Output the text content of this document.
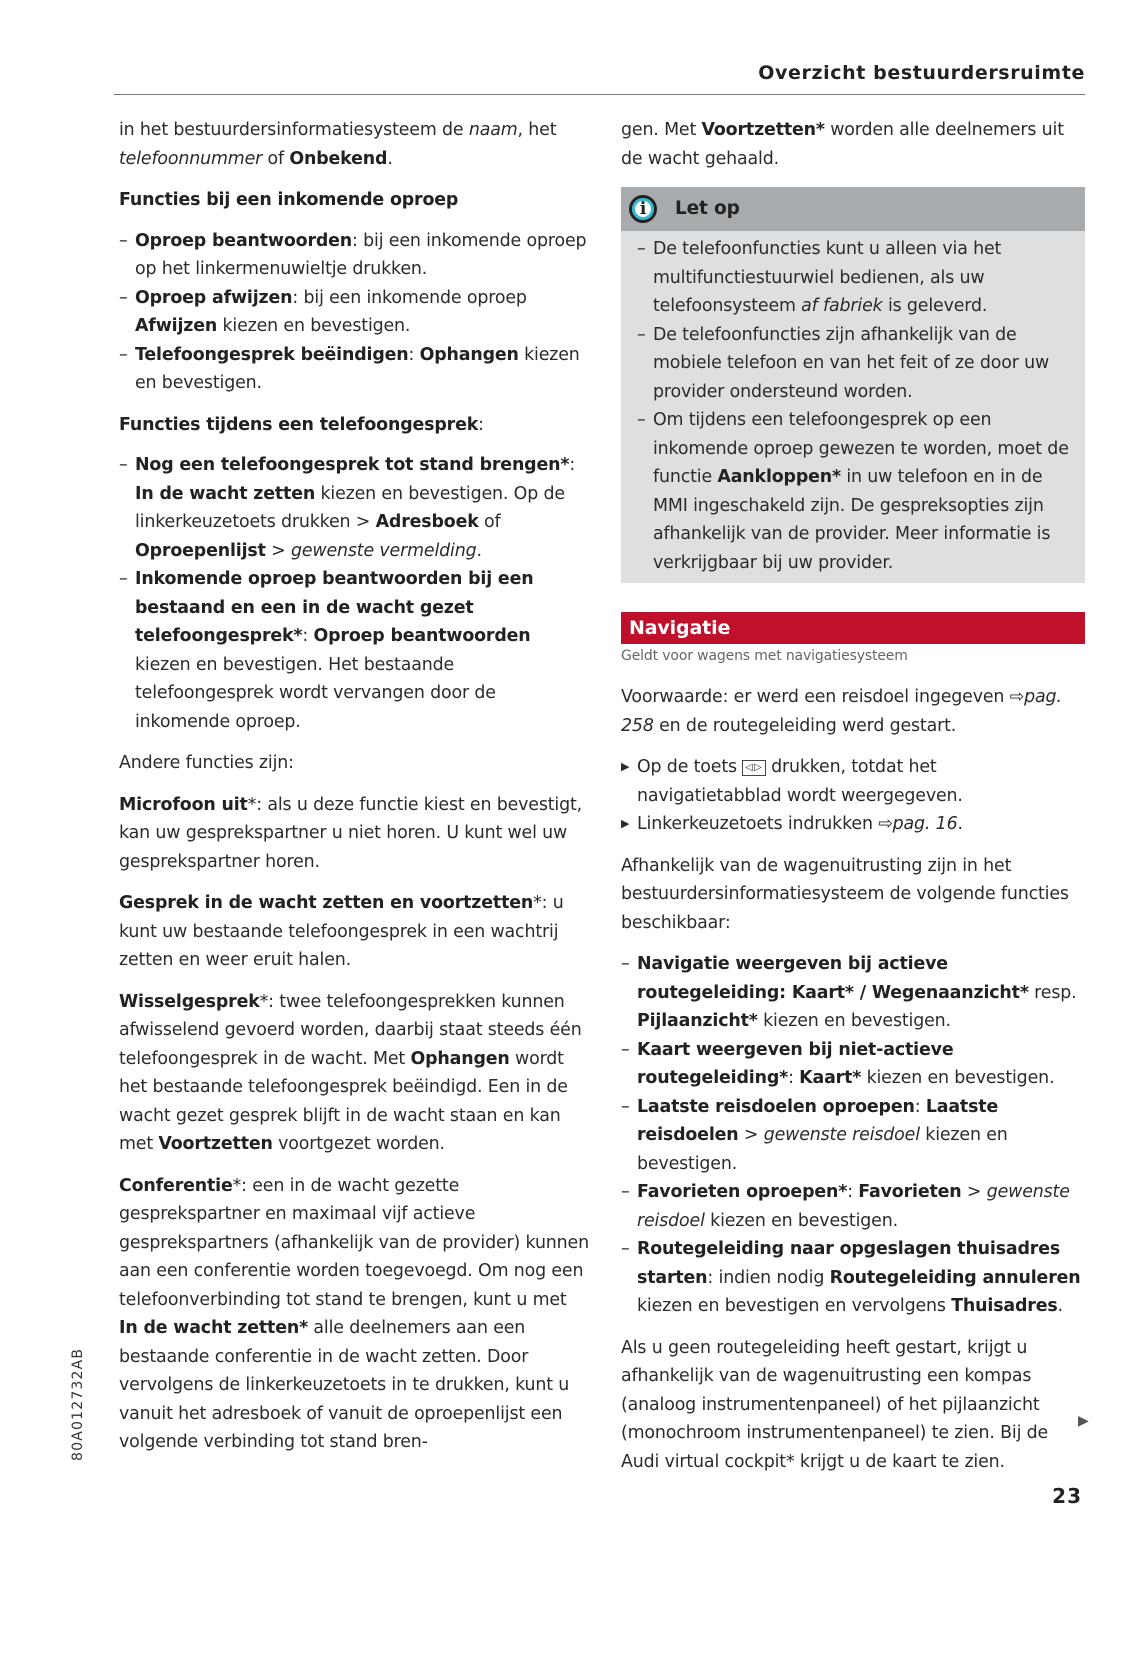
Overzicht bestuurdersruimte

in het bestuurdersinformatiesysteem de naam, het telefoonnummer of Onbekend.

Functies bij een inkomende oproep

– Oproep beantwoorden: bij een inkomende oproep op het linkermenuwieltje drukken.
– Oproep afwijzen: bij een inkomende oproep Afwijzen kiezen en bevestigen.
– Telefoongesprek beëindigen: Ophangen kiezen en bevestigen.

Functies tijdens een telefoongesprek:

– Nog een telefoongesprek tot stand brengen*: In de wacht zetten kiezen en bevestigen. Op de linkerkeuzetoets drukken > Adresboek of Oproepenlijst > gewenste vermelding.
– Inkomende oproep beantwoorden bij een bestaand en een in de wacht gezet telefoongesprek*: Oproep beantwoorden kiezen en bevestigen. Het bestaande telefoongesprek wordt vervangen door de inkomende oproep.

Andere functies zijn:

Microfoon uit*: als u deze functie kiest en bevestigt, kan uw gesprekspartner u niet horen. U kunt wel uw gesprekspartner horen.

Gesprek in de wacht zetten en voortzetten*: u kunt uw bestaande telefoongesprek in een wachtrij zetten en weer eruit halen.

Wisselgesprek*: twee telefoongesprekken kunnen afwisselend gevoerd worden, daarbij staat steeds één telefoongesprek in de wacht. Met Ophangen wordt het bestaande telefoongesprek beëindigd. Een in de wacht gezet gesprek blijft in de wacht staan en kan met Voortzetten voortgezet worden.

Conferentie*: een in de wacht gezette gesprekspartner en maximaal vijf actieve gesprekspartners (afhankelijk van de provider) kunnen aan een conferentie worden toegevoegd. Om nog een telefoonverbinding tot stand te brengen, kunt u met In de wacht zetten* alle deelnemers aan een bestaande conferentie in de wacht zetten. Door vervolgens de linkerkeuzetoets in te drukken, kunt u vanuit het adresboek of vanuit de oproepenlijst een volgende verbinding tot stand bren-

gen. Met Voortzetten* worden alle deelnemers uit de wacht gehaald.

i	Let op
– De telefoonfuncties kunt u alleen via het multifunctiestuurwiel bedienen, als uw telefoonsysteem af fabriek is geleverd.
– De telefoonfuncties zijn afhankelijk van de mobiele telefoon en van het feit of ze door uw provider ondersteund worden.
– Om tijdens een telefoongesprek op een inkomende oproep gewezen te worden, moet de functie Aankloppen* in uw telefoon en in de MMI ingeschakeld zijn. De gespreksopties zijn afhankelijk van de provider. Meer informatie is verkrijgbaar bij uw provider.
Navigatie
Geldt voor wagens met navigatiesysteem

Voorwaarde: er werd een reisdoel ingegeven ⇨pag. 258 en de routegeleiding werd gestart.

▶ Op de toets ◁▷ drukken, totdat het navigatietabblad wordt weergegeven.
▶ Linkerkeuzetoets indrukken ⇨pag. 16.

Afhankelijk van de wagenuitrusting zijn in het bestuurdersinformatiesysteem de volgende functies beschikbaar:

– Navigatie weergeven bij actieve routegeleiding: Kaart* / Wegenaanzicht* resp. Pijlaanzicht* kiezen en bevestigen.
– Kaart weergeven bij niet-actieve routegeleiding*: Kaart* kiezen en bevestigen.
– Laatste reisdoelen oproepen: Laatste reisdoelen > gewenste reisdoel kiezen en bevestigen.
– Favorieten oproepen*: Favorieten > gewenste reisdoel kiezen en bevestigen.
– Routegeleiding naar opgeslagen thuisadres starten: indien nodig Routegeleiding annuleren kiezen en bevestigen en vervolgens Thuisadres.

Als u geen routegeleiding heeft gestart, krijgt u afhankelijk van de wagenuitrusting een kompas (analoog instrumentenpaneel) of het pijlaanzicht (monochroom instrumentenpaneel) te zien. Bij de Audi virtual cockpit* krijgt u de kaart te zien.

▶
80A012732AB
23
